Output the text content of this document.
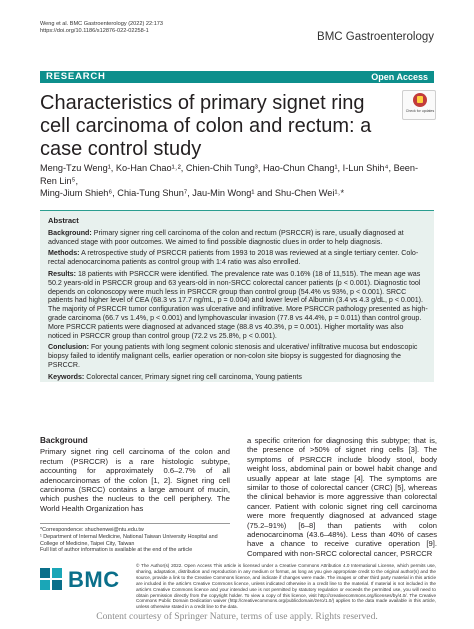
Weng et al. BMC Gastroenterology (2022) 22:173
https://doi.org/10.1186/s12876-022-02258-1	BMC Gastroenterology
RESEARCH	Open Access
Check for updates
Characteristics of primary signet ring cell carcinoma of colon and rectum: a case control study
Meng-Tzu Weng¹, Ko-Han Chao¹˒², Chien-Chih Tung³, Hao-Chun Chang¹, I-Lun Shih⁴, Been-Ren Lin⁵,
Ming-Jium Shieh⁶, Chia-Tung Shun⁷, Jau-Min Wong¹ and Shu-Chen Wei¹˒*
Abstract

Background: Primary signer ring cell carcinoma of the colon and rectum (PSRCCR) is rare, usually diagnosed at advanced stage with poor outcomes. We aimed to find possible diagnostic clues in order to help diagnosis.

Methods: A retrospective study of PSRCCR patients from 1993 to 2018 was reviewed at a single tertiary center. Colo-rectal adenocarcinoma patients as control group with 1:4 ratio was also enrolled.

Results: 18 patients with PSRCCR were identified. The prevalence rate was 0.16% (18 of 11,515). The mean age was 50.2 years-old in PSRCCR group and 63 years-old in non-SRCC colorectal cancer patients (p < 0.001). Diagnostic tool depends on colonoscopy were much less in PSRCCR group than control group (54.4% vs 93%, p < 0.001). SRCC patients had higher level of CEA (68.3 vs 17.7 ng/mL, p = 0.004) and lower level of Albumin (3.4 vs 4.3 g/dL, p < 0.001). The majority of PSRCCR tumor configuration was ulcerative and infiltrative. More PSRCCR pathology presented as high-grade carcinoma (66.7 vs 1.4%, p < 0.001) and lymphovascular invasion (77.8 vs 44.4%, p = 0.011) than control group. More PSRCCR patients were diagnosed at advanced stage (88.8 vs 40.3%, p = 0.001). Higher mortality was also noticed in PSRCCR group than control group (72.2 vs 25.8%, p < 0.001).

Conclusion: For young patients with long segment colonic stenosis and ulcerative/ infiltrative mucosa but endoscopic biopsy failed to identify malignant cells, earlier operation or non-colon site biopsy is suggested for diagnosing the PSRCCR.

Keywords: Colorectal cancer, Primary signet ring cell carcinoma, Young patients

Background

Primary signet ring cell carcinoma of the colon and rectum (PSRCCR) is a rare histologic subtype, accounting for approximately 0.6–2.7% of all adenocarcinomas of the colon [1, 2]. Signet ring cell carcinoma (SRCC) contains a large amount of mucin, which pushes the nucleus to the cell periphery. The World Health Organization has

a specific criterion for diagnosing this subtype; that is, the presence of >50% of signet ring cells [3]. The symptoms of PSRCCR include bloody stool, body weight loss, abdominal pain or bowel habit change and usually appear at late stage [4]. The symptoms are similar to those of colorectal cancer (CRC) [5], whereas the clinical behavior is more aggressive than colorectal cancer. Patient with colonic signet ring cell carcinoma were more frequently diagnosed at advanced stage (75.2–91%) [6–8] than patients with colon adenocarcinoma (43.6–48%). Less than 40% of cases have a chance to receive curative operation [9]. Compared with non-SRCC colorectal cancer, PSRCCR

*Correspondence: shuchenwei@ntu.edu.tw
¹ Department of Internal Medicine, National Taiwan University Hospital and College of Medicine, Taipei City, Taiwan
Full list of author information is available at the end of the article
BMC
© The Author(s) 2022. Open Access This article is licensed under a Creative Commons Attribution 4.0 International License, which permits use, sharing, adaptation, distribution and reproduction in any medium or format, as long as you give appropriate credit to the original author(s) and the source, provide a link to the Creative Commons licence, and indicate if changes were made. The images or other third party material in this article are included in the article's Creative Commons licence, unless indicated otherwise in a credit line to the material. If material is not included in the article's Creative Commons licence and your intended use is not permitted by statutory regulation or exceeds the permitted use, you will need to obtain permission directly from the copyright holder. To view a copy of this licence, visit http://creativecommons.org/licenses/by/4.0/. The Creative Commons Public Domain Dedication waiver (http://creativecommons.org/publicdomain/zero/1.0/) applies to the data made available in this article, unless otherwise stated in a credit line to the data.
Content courtesy of Springer Nature, terms of use apply. Rights reserved.
